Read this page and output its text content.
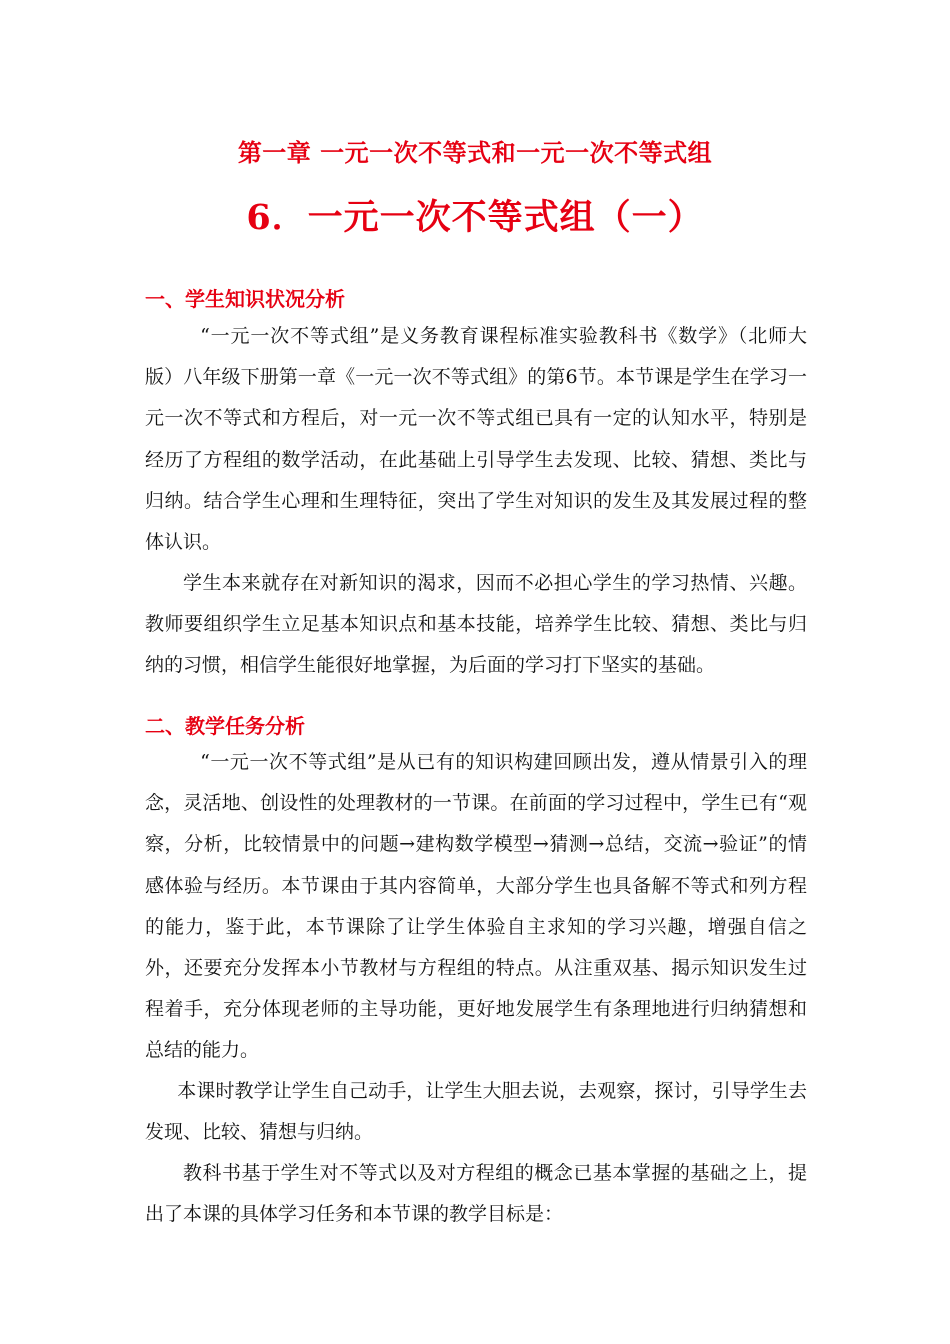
第一章 一元一次不等式和一元一次不等式组
6．一元一次不等式组（一）
一、学生知识状况分析

“一元一次不等式组”是义务教育课程标准实验教科书《数学》（北师大版）八年级下册第一章《一元一次不等式组》的第6节。本节课是学生在学习一元一次不等式和方程后，对一元一次不等式组已具有一定的认知水平，特别是经历了方程组的数学活动，在此基础上引导学生去发现、比较、猜想、类比与归纳。结合学生心理和生理特征，突出了学生对知识的发生及其发展过程的整体认识。

学生本来就存在对新知识的渴求，因而不必担心学生的学习热情、兴趣。教师要组织学生立足基本知识点和基本技能，培养学生比较、猜想、类比与归纳的习惯，相信学生能很好地掌握，为后面的学习打下坚实的基础。

二、教学任务分析

“一元一次不等式组”是从已有的知识构建回顾出发，遵从情景引入的理念，灵活地、创设性的处理教材的一节课。在前面的学习过程中，学生已有“观察，分析，比较情景中的问题→建构数学模型→猜测→总结，交流→验证”的情感体验与经历。本节课由于其内容简单，大部分学生也具备解不等式和列方程的能力，鉴于此，本节课除了让学生体验自主求知的学习兴趣，增强自信之外，还要充分发挥本小节教材与方程组的特点。从注重双基、揭示知识发生过程着手，充分体现老师的主导功能，更好地发展学生有条理地进行归纳猜想和总结的能力。

本课时教学让学生自己动手，让学生大胆去说，去观察，探讨，引导学生去发现、比较、猜想与归纳。

教科书基于学生对不等式以及对方程组的概念已基本掌握的基础之上，提出了本课的具体学习任务和本节课的教学目标是：
